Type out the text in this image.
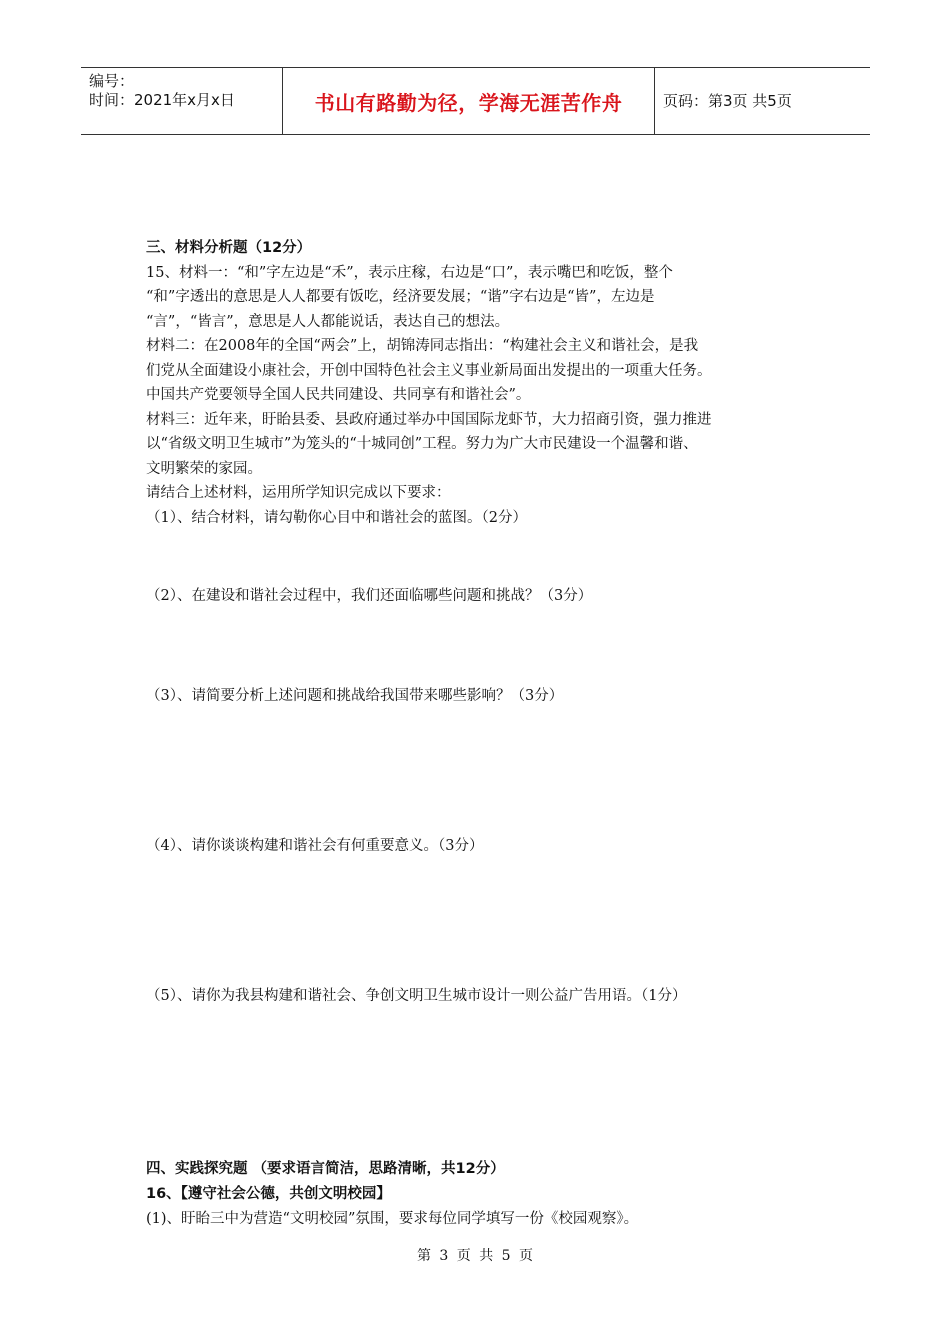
编号：
时间：2021年x月x日	书山有路勤为径，学海无涯苦作舟	页码：第3页 共5页

三、材料分析题（12分）

15、材料一：“和”字左边是“禾”，表示庄稼，右边是“口”，表示嘴巴和吃饭，整个

“和”字透出的意思是人人都要有饭吃，经济要发展；“谐”字右边是“皆”，左边是

“言”，“皆言”，意思是人人都能说话，表达自己的想法。

材料二：在2008年的全国“两会”上，胡锦涛同志指出：“构建社会主义和谐社会，是我

们党从全面建设小康社会，开创中国特色社会主义事业新局面出发提出的一项重大任务。

中国共产党要领导全国人民共同建设、共同享有和谐社会”。

材料三：近年来，盱眙县委、县政府通过举办中国国际龙虾节，大力招商引资，强力推进

以“省级文明卫生城市”为笼头的“十城同创”工程。努力为广大市民建设一个温馨和谐、

文明繁荣的家园。

请结合上述材料，运用所学知识完成以下要求：

（1）、结合材料，请勾勒你心目中和谐社会的蓝图。（2分）

（2）、在建设和谐社会过程中，我们还面临哪些问题和挑战？（3分）
（3）、请简要分析上述问题和挑战给我国带来哪些影响？（3分）
（4）、请你谈谈构建和谐社会有何重要意义。（3分）
（5）、请你为我县构建和谐社会、争创文明卫生城市设计一则公益广告用语。（1分）
四、实践探究题 （要求语言简洁，思路清晰，共12分）
16、【遵守社会公德，共创文明校园】
(1)、盱眙三中为营造“文明校园”氛围，要求每位同学填写一份《校园观察》。
第 3 页 共 5 页
